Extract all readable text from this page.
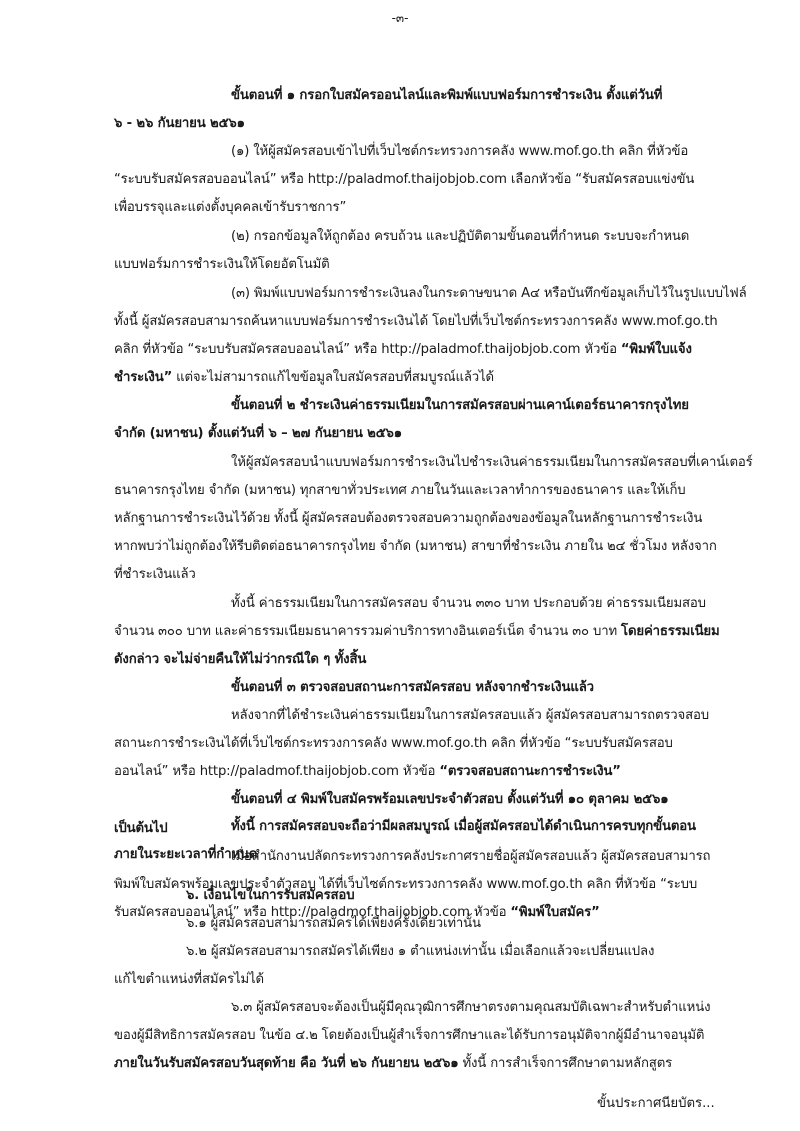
-๓-
ขั้นตอนที่ ๑ กรอกใบสมัครออนไลน์และพิมพ์แบบฟอร์มการชำระเงิน ตั้งแต่วันที่
๖ - ๒๖ กันยายน ๒๕๖๑
(๑) ให้ผู้สมัครสอบเข้าไปที่เว็บไซต์กระทรวงการคลัง www.mof.go.th คลิก ที่หัวข้อ
“ระบบรับสมัครสอบออนไลน์” หรือ http://paladmof.thaijobjob.com เลือกหัวข้อ “รับสมัครสอบแข่งขัน
เพื่อบรรจุและแต่งตั้งบุคคลเข้ารับราชการ”
(๒) กรอกข้อมูลให้ถูกต้อง ครบถ้วน และปฏิบัติตามขั้นตอนที่กำหนด ระบบจะกำหนด
แบบฟอร์มการชำระเงินให้โดยอัตโนมัติ
(๓) พิมพ์แบบฟอร์มการชำระเงินลงในกระดาษขนาด A๔ หรือบันทึกข้อมูลเก็บไว้ในรูปแบบไฟล์
ทั้งนี้ ผู้สมัครสอบสามารถค้นหาแบบฟอร์มการชำระเงินได้ โดยไปที่เว็บไซต์กระทรวงการคลัง www.mof.go.th
คลิก ที่หัวข้อ “ระบบรับสมัครสอบออนไลน์” หรือ http://paladmof.thaijobjob.com หัวข้อ “พิมพ์ใบแจ้ง
ชำระเงิน” แต่จะไม่สามารถแก้ไขข้อมูลใบสมัครสอบที่สมบูรณ์แล้วได้
ขั้นตอนที่ ๒ ชำระเงินค่าธรรมเนียมในการสมัครสอบผ่านเคาน์เตอร์ธนาคารกรุงไทย
จำกัด (มหาชน) ตั้งแต่วันที่ ๖ – ๒๗ กันยายน ๒๕๖๑
ให้ผู้สมัครสอบนำแบบฟอร์มการชำระเงินไปชำระเงินค่าธรรมเนียมในการสมัครสอบที่เคาน์เตอร์
ธนาคารกรุงไทย จำกัด (มหาชน) ทุกสาขาทั่วประเทศ ภายในวันและเวลาทำการของธนาคาร และให้เก็บ
หลักฐานการชำระเงินไว้ด้วย ทั้งนี้ ผู้สมัครสอบต้องตรวจสอบความถูกต้องของข้อมูลในหลักฐานการชำระเงิน
หากพบว่าไม่ถูกต้องให้รีบติดต่อธนาคารกรุงไทย จำกัด (มหาชน) สาขาที่ชำระเงิน ภายใน ๒๔ ชั่วโมง หลังจาก
ที่ชำระเงินแล้ว
ทั้งนี้ ค่าธรรมเนียมในการสมัครสอบ จำนวน ๓๓๐ บาท ประกอบด้วย ค่าธรรมเนียมสอบ
จำนวน ๓๐๐ บาท และค่าธรรมเนียมธนาคารรวมค่าบริการทางอินเตอร์เน็ต จำนวน ๓๐ บาท โดยค่าธรรมเนียม
ดังกล่าว จะไม่จ่ายคืนให้ไม่ว่ากรณีใด ๆ ทั้งสิ้น
ขั้นตอนที่ ๓ ตรวจสอบสถานะการสมัครสอบ หลังจากชำระเงินแล้ว
หลังจากที่ได้ชำระเงินค่าธรรมเนียมในการสมัครสอบแล้ว ผู้สมัครสอบสามารถตรวจสอบ
สถานะการชำระเงินได้ที่เว็บไซต์กระทรวงการคลัง www.mof.go.th คลิก ที่หัวข้อ “ระบบรับสมัครสอบ
ออนไลน์” หรือ http://paladmof.thaijobjob.com หัวข้อ “ตรวจสอบสถานะการชำระเงิน”
ขั้นตอนที่ ๔ พิมพ์ใบสมัครพร้อมเลขประจำตัวสอบ ตั้งแต่วันที่ ๑๐ ตุลาคม ๒๕๖๑
เป็นต้นไป
เมื่อสำนักงานปลัดกระทรวงการคลังประกาศรายชื่อผู้สมัครสอบแล้ว ผู้สมัครสอบสามารถ
พิมพ์ใบสมัครพร้อมเลขประจำตัวสอบ ได้ที่เว็บไซต์กระทรวงการคลัง www.mof.go.th คลิก ที่หัวข้อ “ระบบ
รับสมัครสอบออนไลน์” หรือ http://paladmof.thaijobjob.com หัวข้อ “พิมพ์ใบสมัคร”
ทั้งนี้ การสมัครสอบจะถือว่ามีผลสมบูรณ์ เมื่อผู้สมัครสอบได้ดำเนินการครบทุกขั้นตอน
ภายในระยะเวลาที่กำหนด
๖. เงื่อนไขในการรับสมัครสอบ
๖.๑ ผู้สมัครสอบสามารถสมัครได้เพียงครั้งเดียวเท่านั้น
๖.๒ ผู้สมัครสอบสามารถสมัครได้เพียง ๑ ตำแหน่งเท่านั้น เมื่อเลือกแล้วจะเปลี่ยนแปลง
แก้ไขตำแหน่งที่สมัครไม่ได้
๖.๓ ผู้สมัครสอบจะต้องเป็นผู้มีคุณวุฒิการศึกษาตรงตามคุณสมบัติเฉพาะสำหรับตำแหน่ง
ของผู้มีสิทธิการสมัครสอบ ในข้อ ๔.๒ โดยต้องเป็นผู้สำเร็จการศึกษาและได้รับการอนุมัติจากผู้มีอำนาจอนุมัติ
ภายในวันรับสมัครสอบวันสุดท้าย คือ วันที่ ๒๖ กันยายน ๒๕๖๑ ทั้งนี้ การสำเร็จการศึกษาตามหลักสูตร
ขั้นประกาศนียบัตร...
